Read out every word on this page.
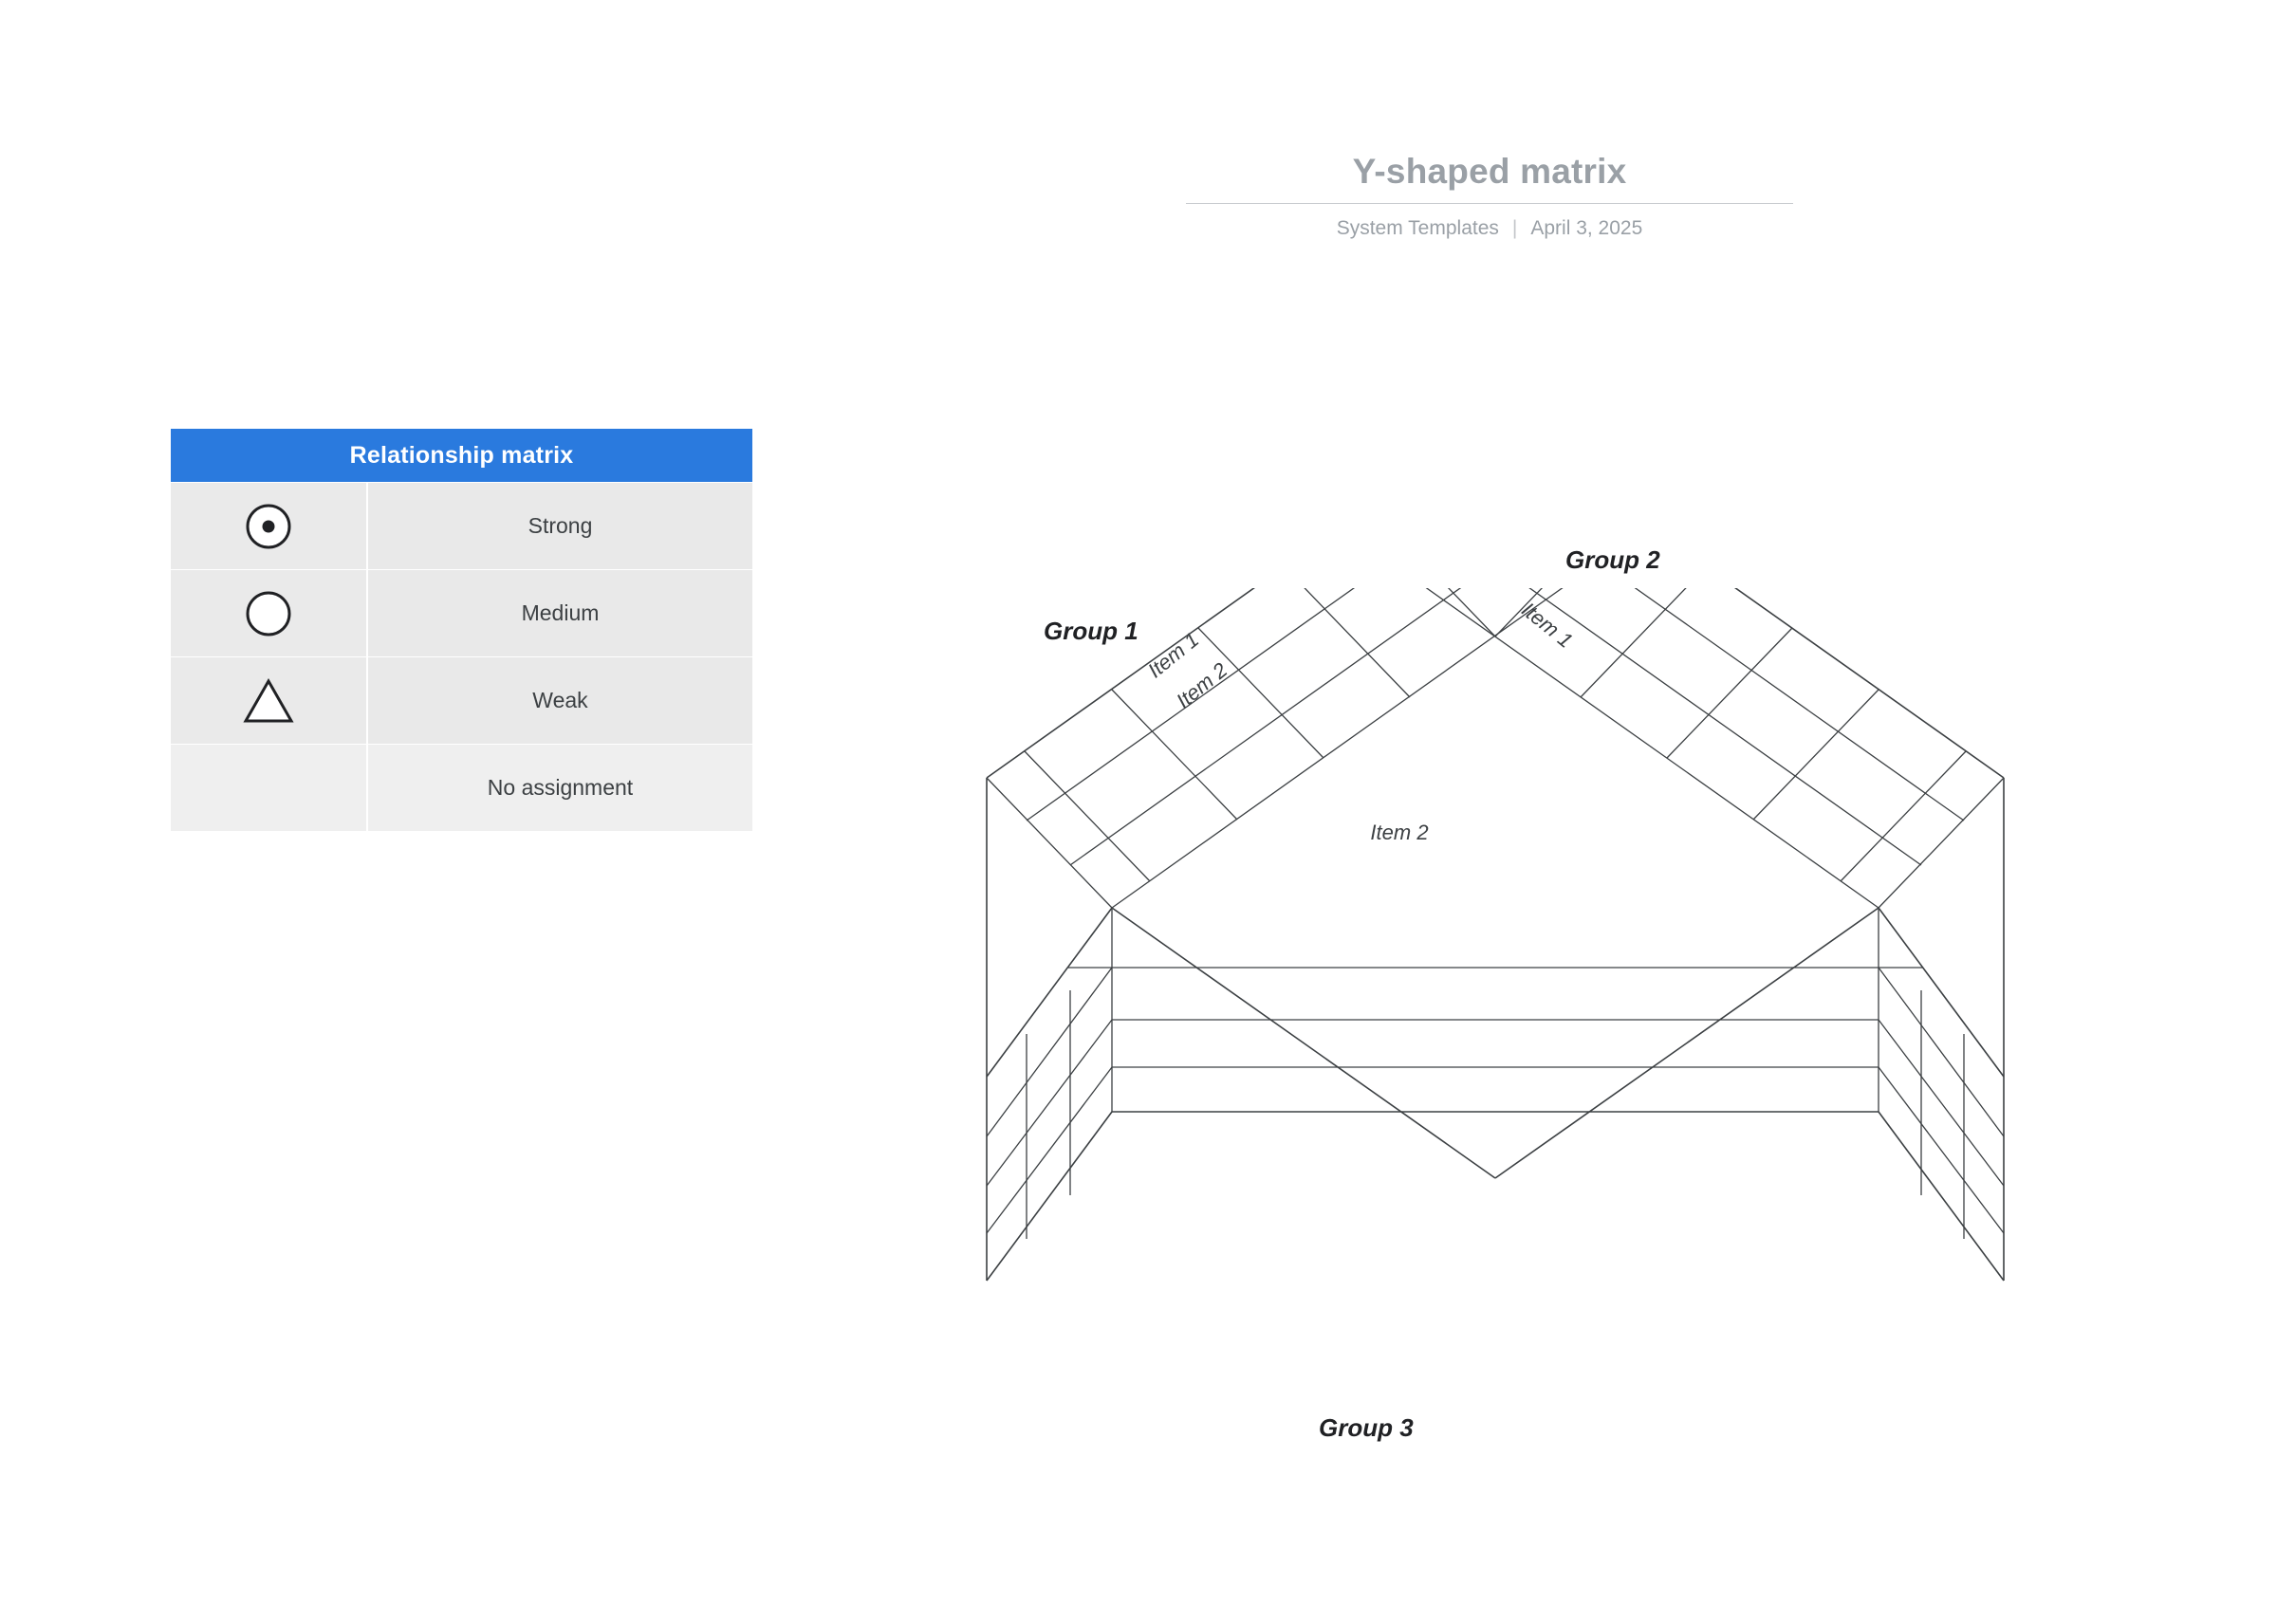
Y-shaped matrix
System Templates | April 3, 2025
Relationship matrix
Strong
Medium
Weak
No assignment
Group 1
Group 2
Group 3
Item 1
Item 2
Item 1
Item 2
